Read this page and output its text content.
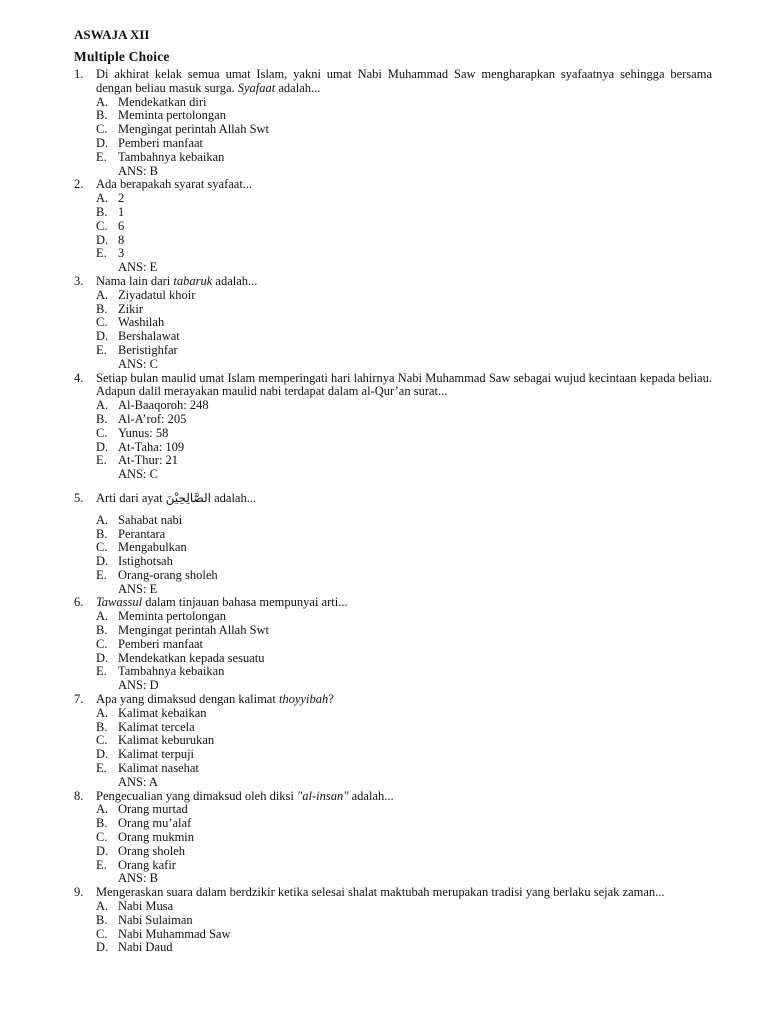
ASWAJA XII
Multiple Choice
1.	Di akhirat kelak semua umat Islam, yakni umat Nabi Muhammad Saw mengharapkan syafaatnya sehingga bersama dengan beliau masuk surga. Syafaat adalah...
A. Mendekatkan diri
B. Meminta pertolongan
C. Mengingat perintah Allah Swt
D. Pemberi manfaat
E. Tambahnya kebaikan
ANS: B
2.	Ada berapakah syarat syafaat...
A. 2
B. 1
C. 6
D. 8
E. 3
ANS: E
3.	Nama lain dari tabaruk adalah...
A. Ziyadatul khoir
B. Zikir
C. Washilah
D. Bershalawat
E. Beristighfar
ANS: C
4.	Setiap bulan maulid umat Islam memperingati hari lahirnya Nabi Muhammad Saw sebagai wujud kecintaan kepada beliau. Adapun dalil merayakan maulid nabi terdapat dalam al-Qur’an surat...
A. Al-Baaqoroh: 248
B. Al-A’rof: 205
C. Yunus: 58
D. At-Taha: 109
E. At-Thur: 21
ANS: C
5.	Arti dari ayat الصَّالِحِيْنَ adalah...
A. Sahabat nabi
B. Perantara
C. Mengabulkan
D. Istighotsah
E. Orang-orang sholeh
ANS: E
6.	Tawassul dalam tinjauan bahasa mempunyai arti...
A. Meminta pertolongan
B. Mengingat perintah Allah Swt
C. Pemberi manfaat
D. Mendekatkan kepada sesuatu
E. Tambahnya kebaikan
ANS: D
7.	Apa yang dimaksud dengan kalimat thoyyibah?
A. Kalimat kebaikan
B. Kalimat tercela
C. Kalimat keburukan
D. Kalimat terpuji
E. Kalimat nasehat
ANS: A
8.	Pengecualian yang dimaksud oleh diksi "al-insan" adalah...
A. Orang murtad
B. Orang mu’alaf
C. Orang mukmin
D. Orang sholeh
E. Orang kafir
ANS: B
9.	Mengeraskan suara dalam berdzikir ketika selesai shalat maktubah merupakan tradisi yang berlaku sejak zaman...
A. Nabi Musa
B. Nabi Sulaiman
C. Nabi Muhammad Saw
D. Nabi Daud
